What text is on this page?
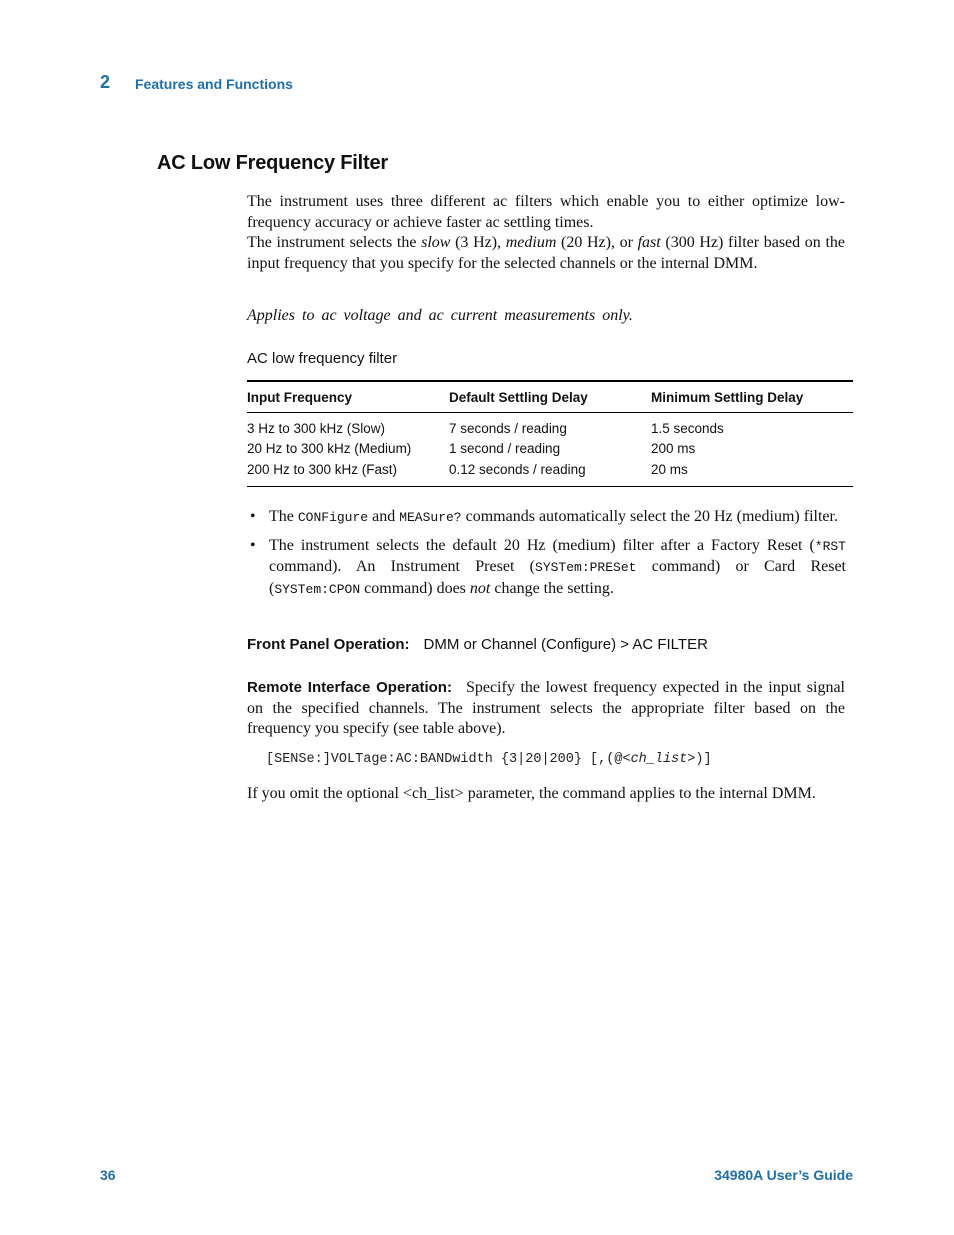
2 Features and Functions
AC Low Frequency Filter
The instrument uses three different ac filters which enable you to either optimize low-frequency accuracy or achieve faster ac settling times.
The instrument selects the slow (3 Hz), medium (20 Hz), or fast (300 Hz) filter based on the input frequency that you specify for the selected channels or the internal DMM.
Applies to ac voltage and ac current measurements only.
AC low frequency filter
Input Frequency	Default Settling Delay	Minimum Settling Delay
3 Hz to 300 kHz (Slow)	7 seconds / reading	1.5 seconds
20 Hz to 300 kHz (Medium)	1 second / reading	200 ms
200 Hz to 300 kHz (Fast)	0.12 seconds / reading	20 ms
• The CONFigure and MEASure? commands automatically select the 20 Hz (medium) filter.
• The instrument selects the default 20 Hz (medium) filter after a Factory Reset (*RST command). An Instrument Preset (SYSTem:PRESet command) or Card Reset (SYSTem:CPON command) does not change the setting.
Front Panel Operation: DMM or Channel (Configure) > AC FILTER
Remote Interface Operation: Specify the lowest frequency expected in the input signal on the specified channels. The instrument selects the appropriate filter based on the frequency you specify (see table above).
[SENSe:]VOLTage:AC:BANDwidth {3|20|200} [,(@<ch_list>)]
If you omit the optional <ch_list> parameter, the command applies to the internal DMM.
36	34980A User’s Guide
